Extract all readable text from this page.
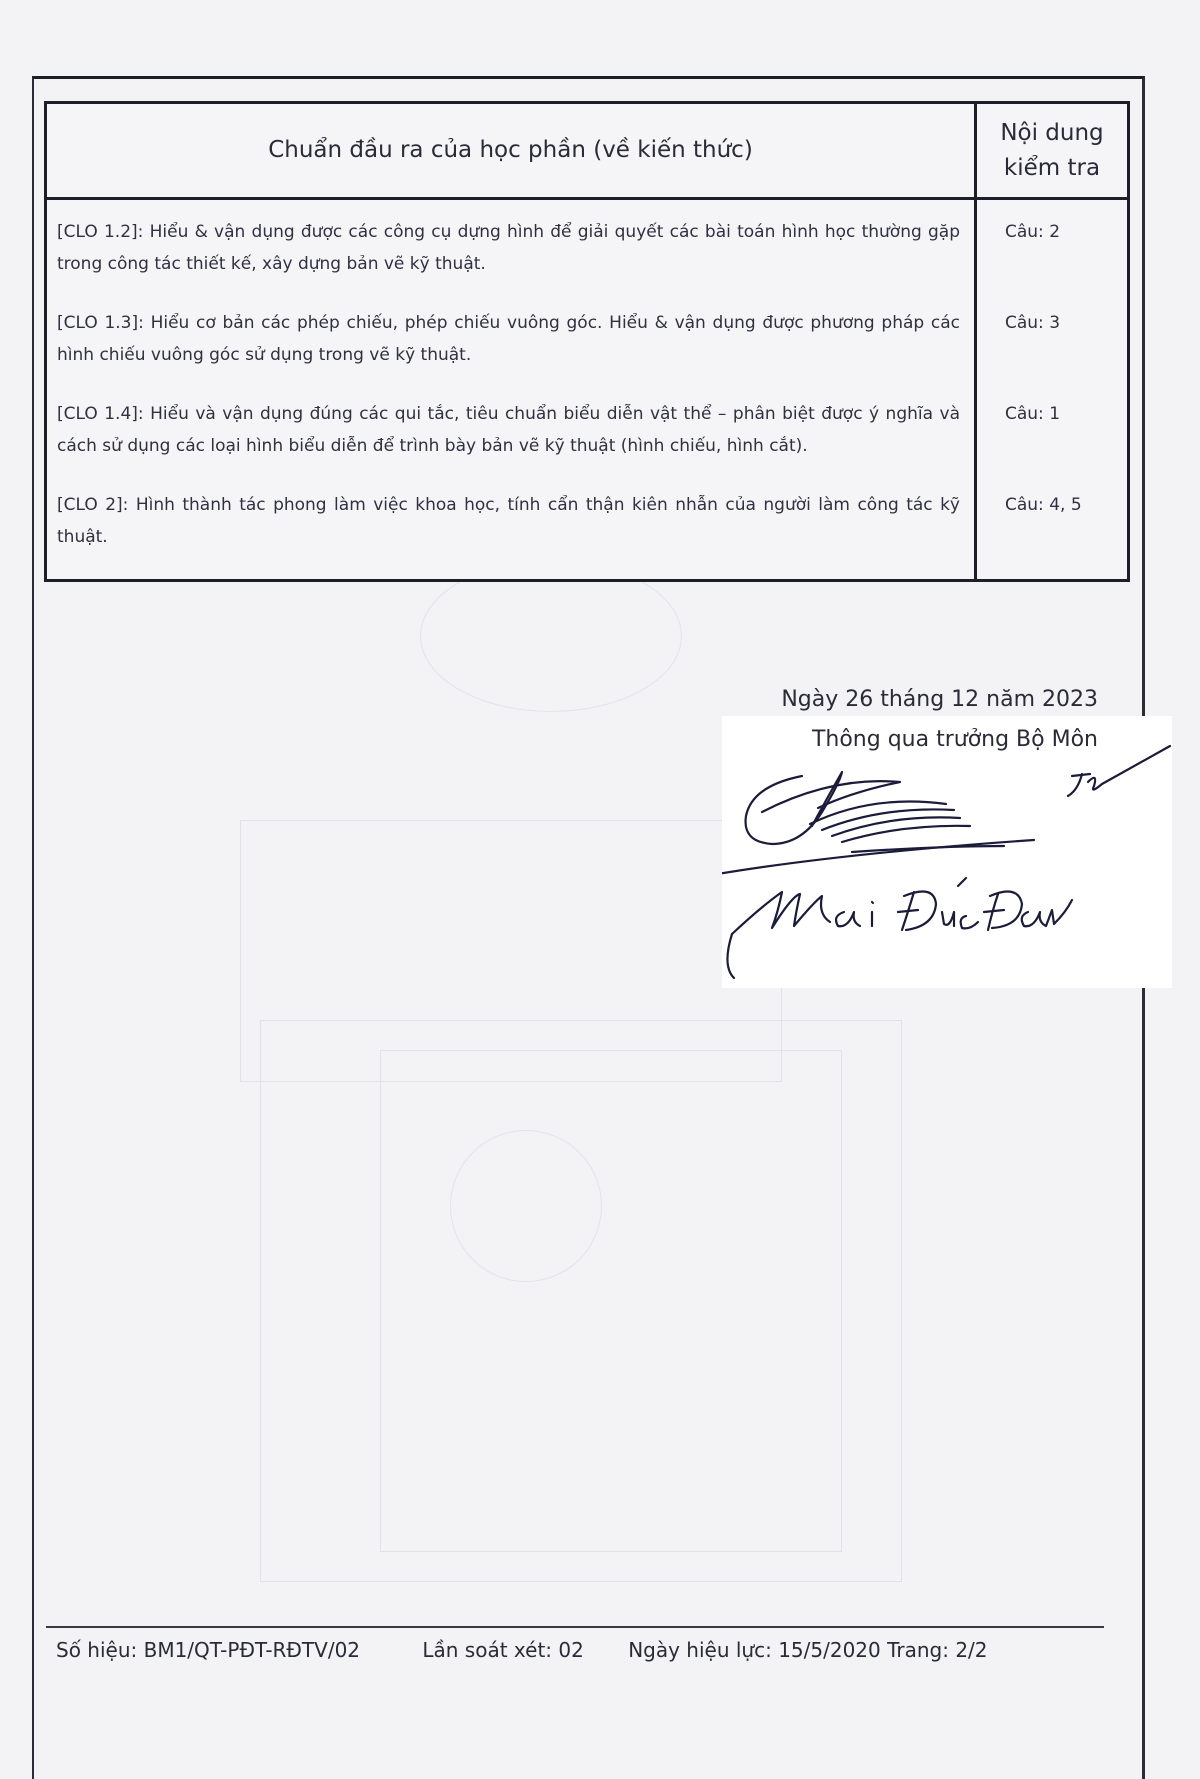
Chuẩn đầu ra của học phần (về kiến thức)	Nội dung kiểm tra
[CLO 1.2]: Hiểu & vận dụng được các công cụ dựng hình để giải quyết các bài toán hình học thường gặp trong công tác thiết kế, xây dựng bản vẽ kỹ thuật.	Câu: 2
[CLO 1.3]: Hiểu cơ bản các phép chiếu, phép chiếu vuông góc. Hiểu & vận dụng được phương pháp các hình chiếu vuông góc sử dụng trong vẽ kỹ thuật.	Câu: 3
[CLO 1.4]: Hiểu và vận dụng đúng các qui tắc, tiêu chuẩn biểu diễn vật thể – phân biệt được ý nghĩa và cách sử dụng các loại hình biểu diễn để trình bày bản vẽ kỹ thuật (hình chiếu, hình cắt).	Câu: 1
[CLO 2]: Hình thành tác phong làm việc khoa học, tính cẩn thận kiên nhẫn của người làm công tác kỹ thuật.	Câu: 4, 5
Ngày 26 tháng 12 năm 2023
Thông qua trưởng Bộ Môn
Số hiệu: BM1/QT-PĐT-RĐTV/02	Lần soát xét: 02 Ngày hiệu lực: 15/5/2020 Trang: 2/2
